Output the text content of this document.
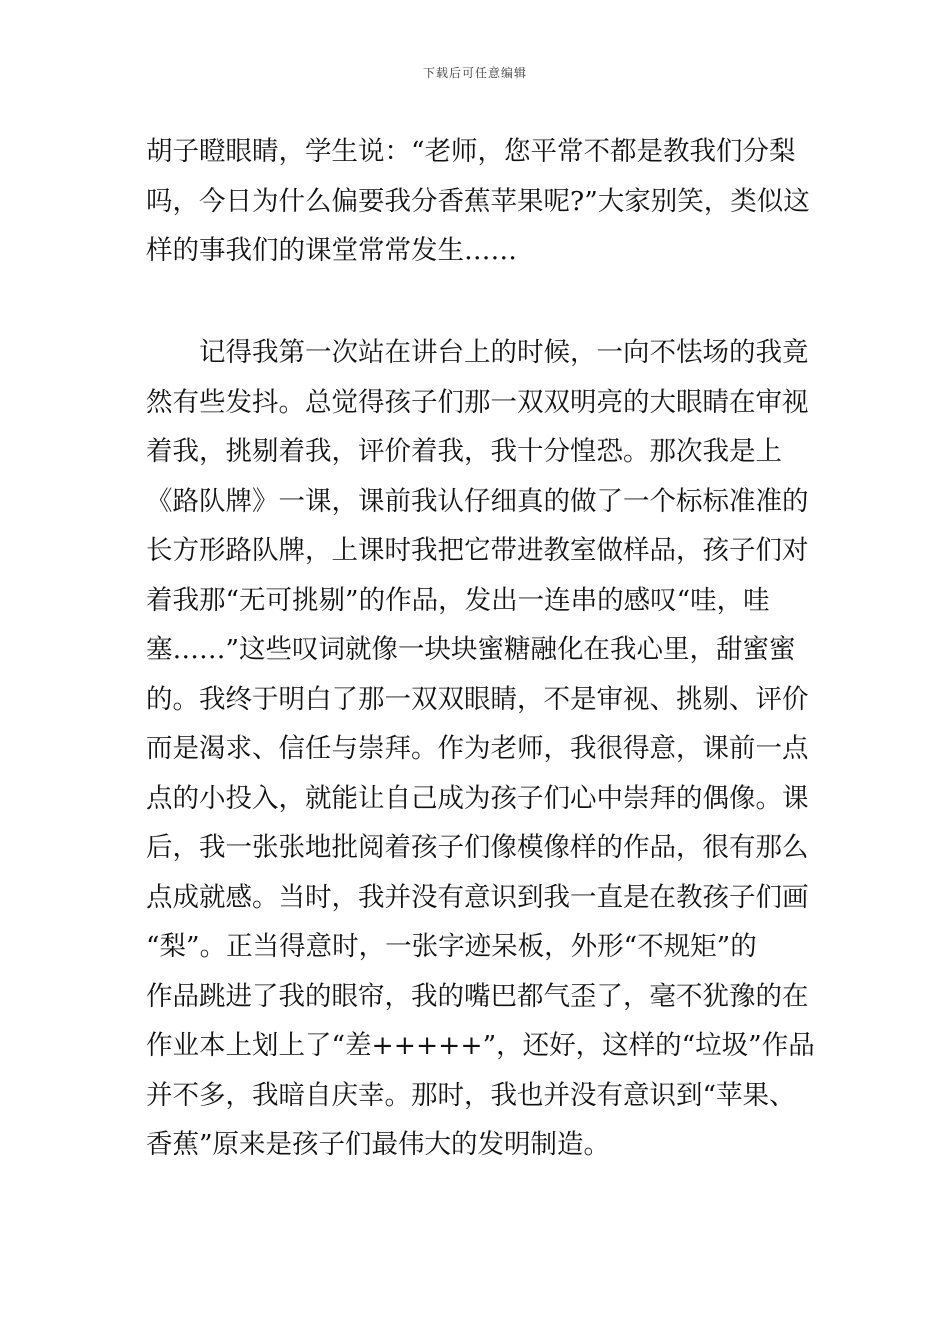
下载后可任意编辑
胡子瞪眼睛，学生说：“老师，您平常不都是教我们分梨
吗，今日为什么偏要我分香蕉苹果呢?”大家别笑，类似这
样的事我们的课堂常常发生……
记得我第一次站在讲台上的时候，一向不怯场的我竟
然有些发抖。总觉得孩子们那一双双明亮的大眼睛在审视
着我，挑剔着我，评价着我，我十分惶恐。那次我是上
《路队牌》一课，课前我认仔细真的做了一个标标准准的
长方形路队牌，上课时我把它带进教室做样品，孩子们对
着我那“无可挑剔”的作品，发出一连串的感叹“哇，哇
塞……”这些叹词就像一块块蜜糖融化在我心里，甜蜜蜜
的。我终于明白了那一双双眼睛，不是审视、挑剔、评价
而是渴求、信任与崇拜。作为老师，我很得意，课前一点
点的小投入，就能让自己成为孩子们心中崇拜的偶像。课
后，我一张张地批阅着孩子们像模像样的作品，很有那么
点成就感。当时，我并没有意识到我一直是在教孩子们画
“梨”。正当得意时，一张字迹呆板，外形“不规矩”的
作品跳进了我的眼帘，我的嘴巴都气歪了，毫不犹豫的在
作业本上划上了“差+++++”，还好，这样的“垃圾”作品
并不多，我暗自庆幸。那时，我也并没有意识到“苹果、
香蕉”原来是孩子们最伟大的发明制造。
